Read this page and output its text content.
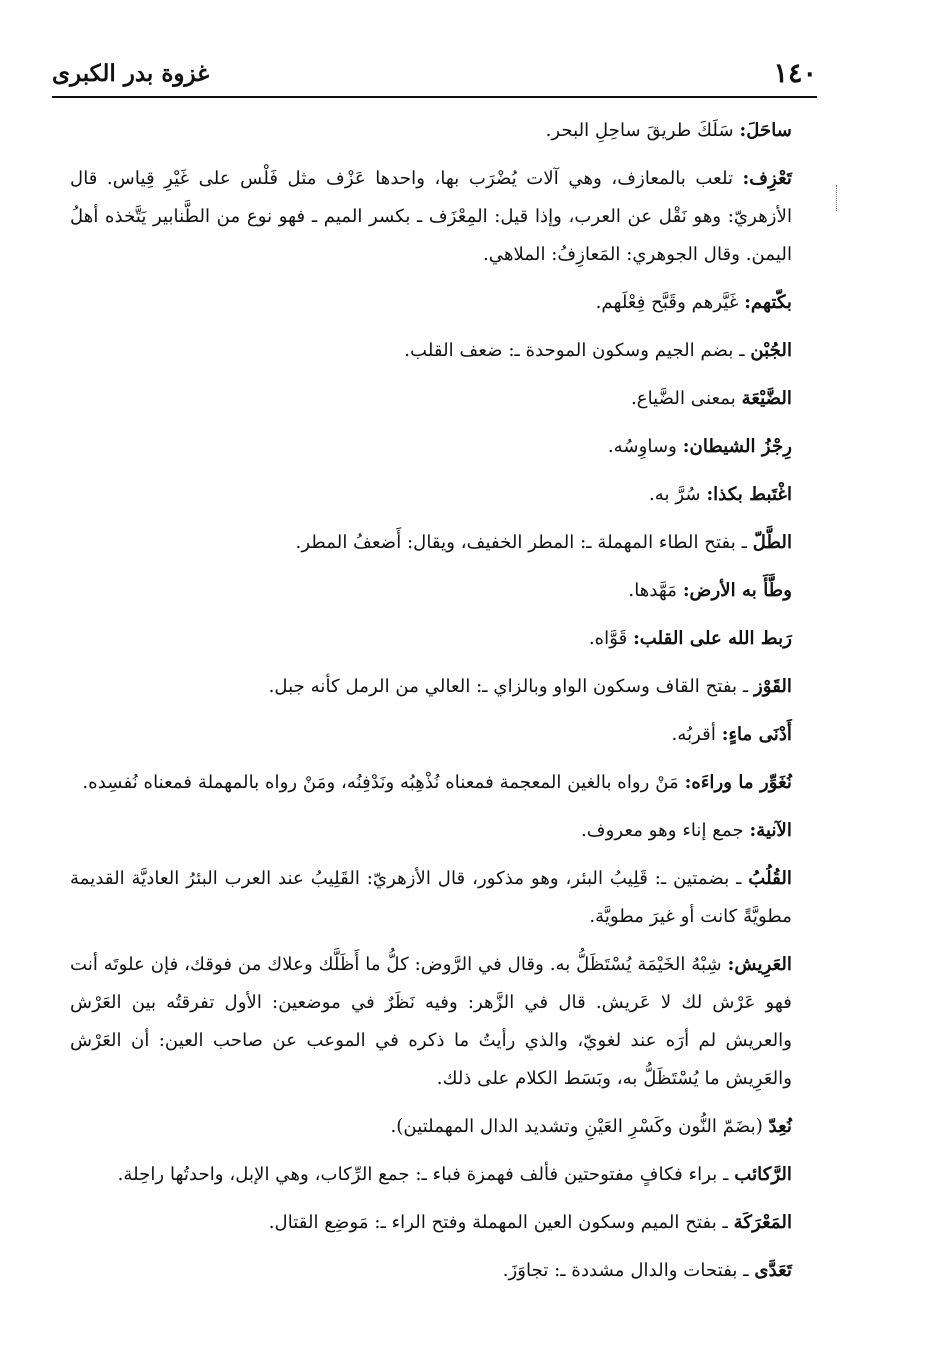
١٤٠
غزوة بدر الكبرى

ساحَلَ: سَلَكَ طريقَ ساحِلِ البحر.

تَعْزِف: تلعب بالمعازف، وهي آلات يُضْرَب بها، واحدها عَزْف مثل فَلْس على غَيْرِ قِياس. قال الأزهريّ: وهو نَقْل عن العرب، وإذا قيل: المِعْزَف ـ بكسر الميم ـ فهو نوع من الطَّنابير يَتَّخذه أهلُ اليمن. وقال الجوهري: المَعازِفُ: الملاهي.

بكّتهم: غَيَّرهم وقَبَّح فِعْلَهم.

الجُبْن ـ بضم الجيم وسكون الموحدة ـ: ضعف القلب.

الضَّيْعَة بمعنى الضَّياع.

رِجْزُ الشيطان: وساوِسُه.

اغْتَبط بكذا: سُرَّ به.

الطَّلّ ـ بفتح الطاء المهملة ـ: المطر الخفيف، ويقال: أَضعفُ المطر.

وطَّأَ به الأرض: مَهَّدها.

رَبط الله على القلب: قَوَّاه.

القَوْز ـ بفتح القاف وسكون الواو وبالزاي ـ: العالي من الرمل كأنه جبل.

أَدْنَى ماءٍ: أقربُه.

نُغَوِّر ما وراءَه: مَنْ رواه بالغين المعجمة فمعناه نُذْهِبُه ونَدْفِنُه، ومَنْ رواه بالمهملة فمعناه نُفسِده.

الآنية: جمع إناء وهو معروف.

القُلُبُ ـ بضمتين ـ: قَلِيبُ البئر، وهو مذكور، قال الأزهريّ: القَلِيبُ عند العرب البئرُ العاديَّة القديمة مطويَّةً كانت أو غيرَ مطويَّة.

العَرِيش: شِبْهُ الخَيْمَة يُسْتَظَلُّ به. وقال في الرَّوض: كلُّ ما أَظَلَّك وعلاك من فوقك، فإن علوتَه أنت فهو عَرْش لك لا عَريش. قال في الزَّهر: وفيه نَظَرٌ في موضعين: الأول تفرقتُه بين العَرْش والعريش لم أرَه عند لغويّ، والذي رأيتُ ما ذكره في الموعب عن صاحب العين: أن العَرْش والعَرِيش ما يُسْتَظَلُّ به، وبَسَط الكلام على ذلك.

نُعِدّ (بضَمّ النُّون وكَسْرِ العَيْنِ وتشديد الدال المهملتين).

الرَّكائب ـ براء فكافٍ مفتوحتين فألف فهمزة فباء ـ: جمع الرِّكاب، وهي الإبل، واحدتُها راحِلة.

المَعْرَكَة ـ بفتح الميم وسكون العين المهملة وفتح الراء ـ: مَوضِع القتال.

تَعَدَّى ـ بفتحات والدال مشددة ـ: تجاوَزَ.
